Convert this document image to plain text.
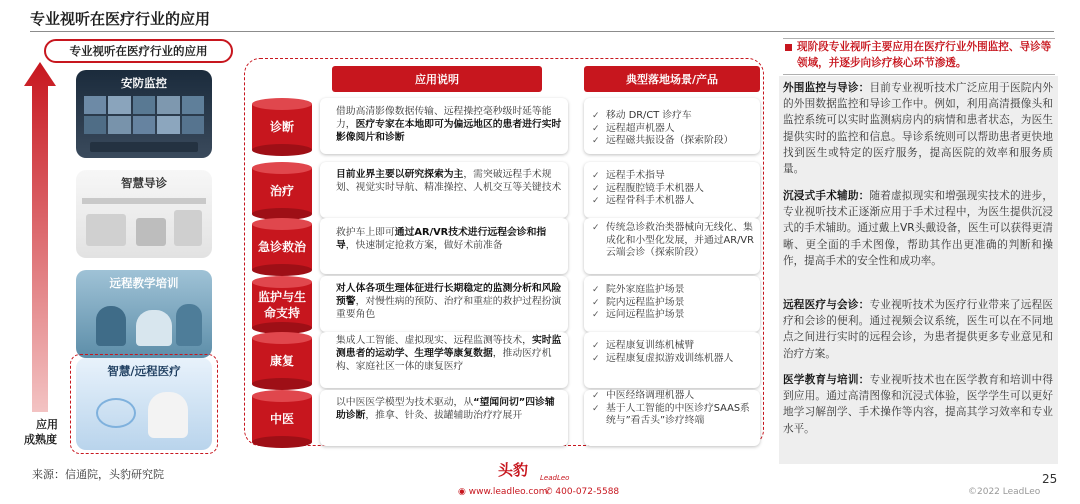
专业视听在医疗行业的应用
专业视听在医疗行业的应用
安防监控
智慧导诊
远程教学培训
智慧/远程医疗
应用
成熟度
来源：信通院，头豹研究院
应用说明	典型落地场景/产品
诊断
治疗
急诊救治
监护与生命支持
康复
中医
借助高清影像数据传输、远程操控毫秒级时延等能力，医疗专家在本地即可为偏远地区的患者进行实时影像阅片和诊断
目前业界主要以研究探索为主，需突破远程手术规划、视觉实时导航、精准操控、人机交互等关键技术
救护车上即可通过AR/VR技术进行远程会诊和指导，快速制定抢救方案，做好术前准备
对人体各项生理体征进行长期稳定的监测分析和风险预警，对慢性病的预防、治疗和重症的救护过程扮演重要角色
集成人工智能、虚拟现实、远程监测等技术，实时监测患者的运动学、生理学等康复数据，推动医疗机构、家庭社区一体的康复医疗
以中医医学模型为技术驱动，从“望闻问切”四诊辅助诊断，推拿、针灸、拔罐辅助治疗疗展开
✓ 移动 DR/CT 诊疗车
✓ 远程超声机器人
✓ 远程磁共振设备（探索阶段）
✓ 远程手术指导
✓ 远程腹腔镜手术机器人
✓ 远程骨科手术机器人
✓ 传统急诊救治类器械向无线化、集成化和小型化发展，并通过AR/VR云端会诊（探索阶段）
✓ 院外家庭监护场景
✓ 院内远程监护场景
✓ 远问远程监护场景
✓ 远程康复训练机械臂
✓ 远程康复虚拟游戏训练机器人
✓ 中医经络调理机器人
✓ 基于人工智能的中医诊疗SAAS系统与”看舌头”诊疗终端
现阶段专业视听主要应用在医疗行业外围监控、导诊等领域，并逐步向诊疗核心环节渗透。
外围监控与导诊：目前专业视听技术广泛应用于医院内外的外围数据监控和导诊工作中。例如，利用高清摄像头和监控系统可以实时监测病房内的病情和患者状态，为医生提供实时的监控和信息。导诊系统则可以帮助患者更快地找到医生或特定的医疗服务，提高医院的效率和服务质量。
沉浸式手术辅助：随着虚拟现实和增强现实技术的进步，专业视听技术正逐渐应用于手术过程中，为医生提供沉浸式的手术辅助。通过戴上VR头戴设备，医生可以获得更清晰、更全面的手术图像，帮助其作出更准确的判断和操作，提高手术的安全性和成功率。
远程医疗与会诊：专业视听技术为医疗行业带来了远程医疗和会诊的便利。通过视频会议系统，医生可以在不同地点之间进行实时的远程会诊，为患者提供更多专业意见和治疗方案。
医学教育与培训：专业视听技术也在医学教育和培训中得到应用。通过高清图像和沉浸式体验，医学学生可以更好地学习解剖学、手术操作等内容，提高其学习效率和专业水平。
头豹 LeadLeo
◉ www.leadleo.com
✆ 400-072-5588
25
©2022 LeadLeo
